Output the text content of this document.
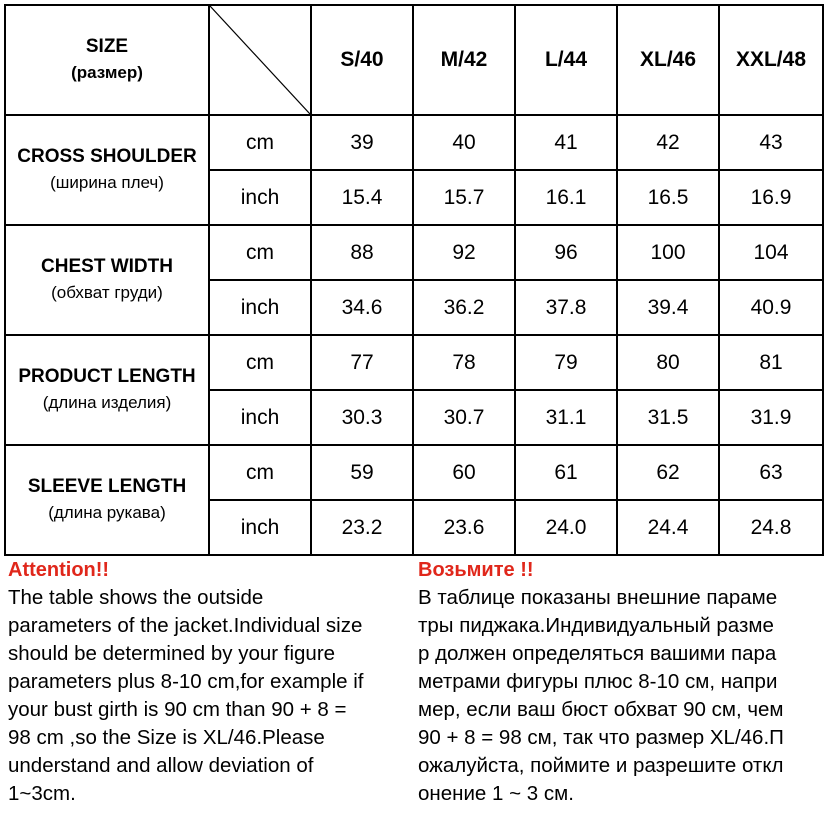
SIZE
(размер)		S/40	M/42	L/44	XL/46	XXL/48

CROSS SHOULDER
(ширина плеч)	cm	39	40	41	42	43
	inch	15.4	15.7	16.1	16.5	16.9

CHEST WIDTH
(обхват груди)	cm	88	92	96	100	104
	inch	34.6	36.2	37.8	39.4	40.9

PRODUCT LENGTH
(длина изделия)	cm	77	78	79	80	81
	inch	30.3	30.7	31.1	31.5	31.9

SLEEVE LENGTH
(длина рукава)	cm	59	60	61	62	63
	inch	23.2	23.6	24.0	24.4	24.8
Attention!!
The table shows the outside
parameters of the jacket.Individual size
should be determined by your figure
parameters plus 8-10 cm,for example if
your bust girth is 90 cm than 90 + 8 =
98 cm ,so the Size is XL/46.Please
understand and allow deviation of
1~3cm.
Возьмите !!
В таблице показаны внешние параме
тры пиджака.Индивидуальный разме
р должен определяться вашими пара
метрами фигуры плюс 8-10 см, напри
мер, если ваш бюст обхват 90 см, чем
90 + 8 = 98 см, так что размер XL/46.П
ожалуйста, поймите и разрешите откл
онение 1 ~ 3 см.
